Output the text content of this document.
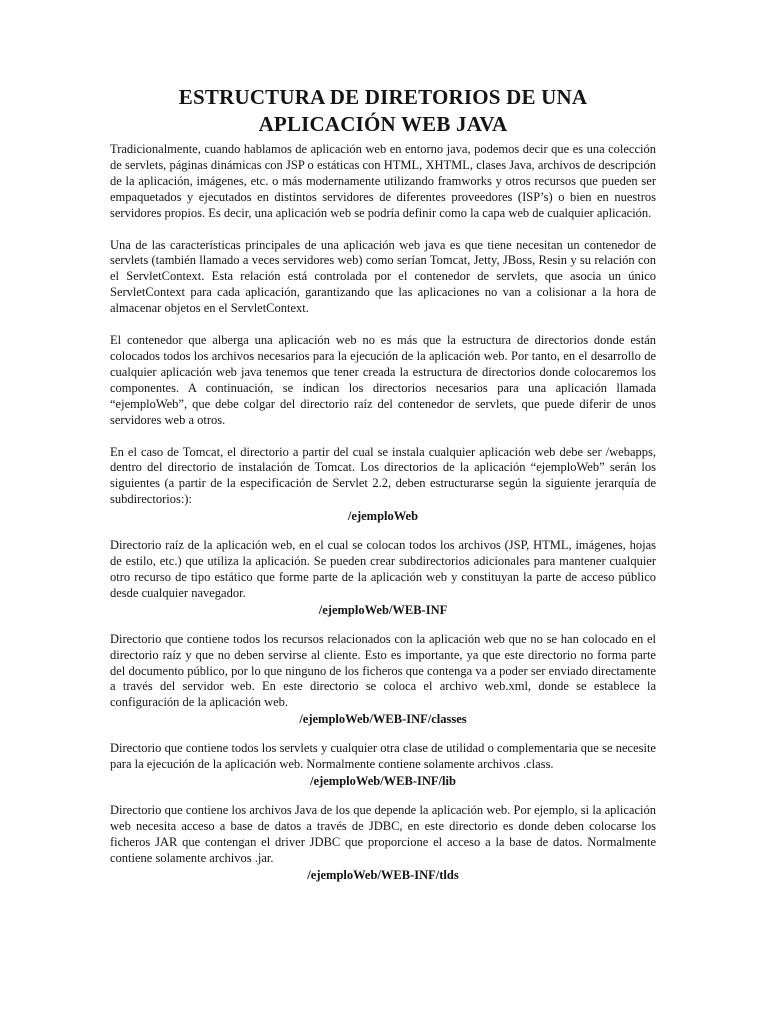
ESTRUCTURA DE DIRETORIOS DE UNA APLICACIÓN WEB JAVA

Tradicionalmente, cuando hablamos de aplicación web en entorno java, podemos decir que es una colección de servlets, páginas dinámicas con JSP o estáticas con HTML, XHTML, clases Java, archivos de descripción de la aplicación, imágenes, etc. o más modernamente utilizando framworks y otros recursos que pueden ser empaquetados y ejecutados en distintos servidores de diferentes proveedores (ISP’s) o bien en nuestros servidores propios. Es decir, una aplicación web se podría definir como la capa web de cualquier aplicación.

Una de las características principales de una aplicación web java es que tiene necesitan un contenedor de servlets (también llamado a veces servidores web) como serían Tomcat, Jetty, JBoss, Resin y su relación con el ServletContext. Esta relación está controlada por el contenedor de servlets, que asocia un único ServletContext para cada aplicación, garantizando que las aplicaciones no van a colisionar a la hora de almacenar objetos en el ServletContext.

El contenedor que alberga una aplicación web no es más que la estructura de directorios donde están colocados todos los archivos necesarios para la ejecución de la aplicación web. Por tanto, en el desarrollo de cualquier aplicación web java tenemos que tener creada la estructura de directorios donde colocaremos los componentes. A continuación, se indican los directorios necesarios para una aplicación llamada “ejemploWeb”, que debe colgar del directorio raíz del contenedor de servlets, que puede diferir de unos servidores web a otros.

En el caso de Tomcat, el directorio a partir del cual se instala cualquier aplicación web debe ser /webapps, dentro del directorio de instalación de Tomcat. Los directorios de la aplicación “ejemploWeb” serán los siguientes (a partir de la especificación de Servlet 2.2, deben estructurarse según la siguiente jerarquía de subdirectorios:):

/ejemploWeb

Directorio raíz de la aplicación web, en el cual se colocan todos los archivos (JSP, HTML, imágenes, hojas de estilo, etc.) que utiliza la aplicación. Se pueden crear subdirectorios adicionales para mantener cualquier otro recurso de tipo estático que forme parte de la aplicación web y constituyan la parte de acceso público desde cualquier navegador.

/ejemploWeb/WEB-INF

Directorio que contiene todos los recursos relacionados con la aplicación web que no se han colocado en el directorio raíz y que no deben servirse al cliente. Esto es importante, ya que este directorio no forma parte del documento público, por lo que ninguno de los ficheros que contenga va a poder ser enviado directamente a través del servidor web. En este directorio se coloca el archivo web.xml, donde se establece la configuración de la aplicación web.

/ejemploWeb/WEB-INF/classes

Directorio que contiene todos los servlets y cualquier otra clase de utilidad o complementaria que se necesite para la ejecución de la aplicación web. Normalmente contiene solamente archivos .class.

/ejemploWeb/WEB-INF/lib

Directorio que contiene los archivos Java de los que depende la aplicación web. Por ejemplo, si la aplicación web necesita acceso a base de datos a través de JDBC, en este directorio es donde deben colocarse los ficheros JAR que contengan el driver JDBC que proporcione el acceso a la base de datos. Normalmente contiene solamente archivos .jar.

/ejemploWeb/WEB-INF/tlds
